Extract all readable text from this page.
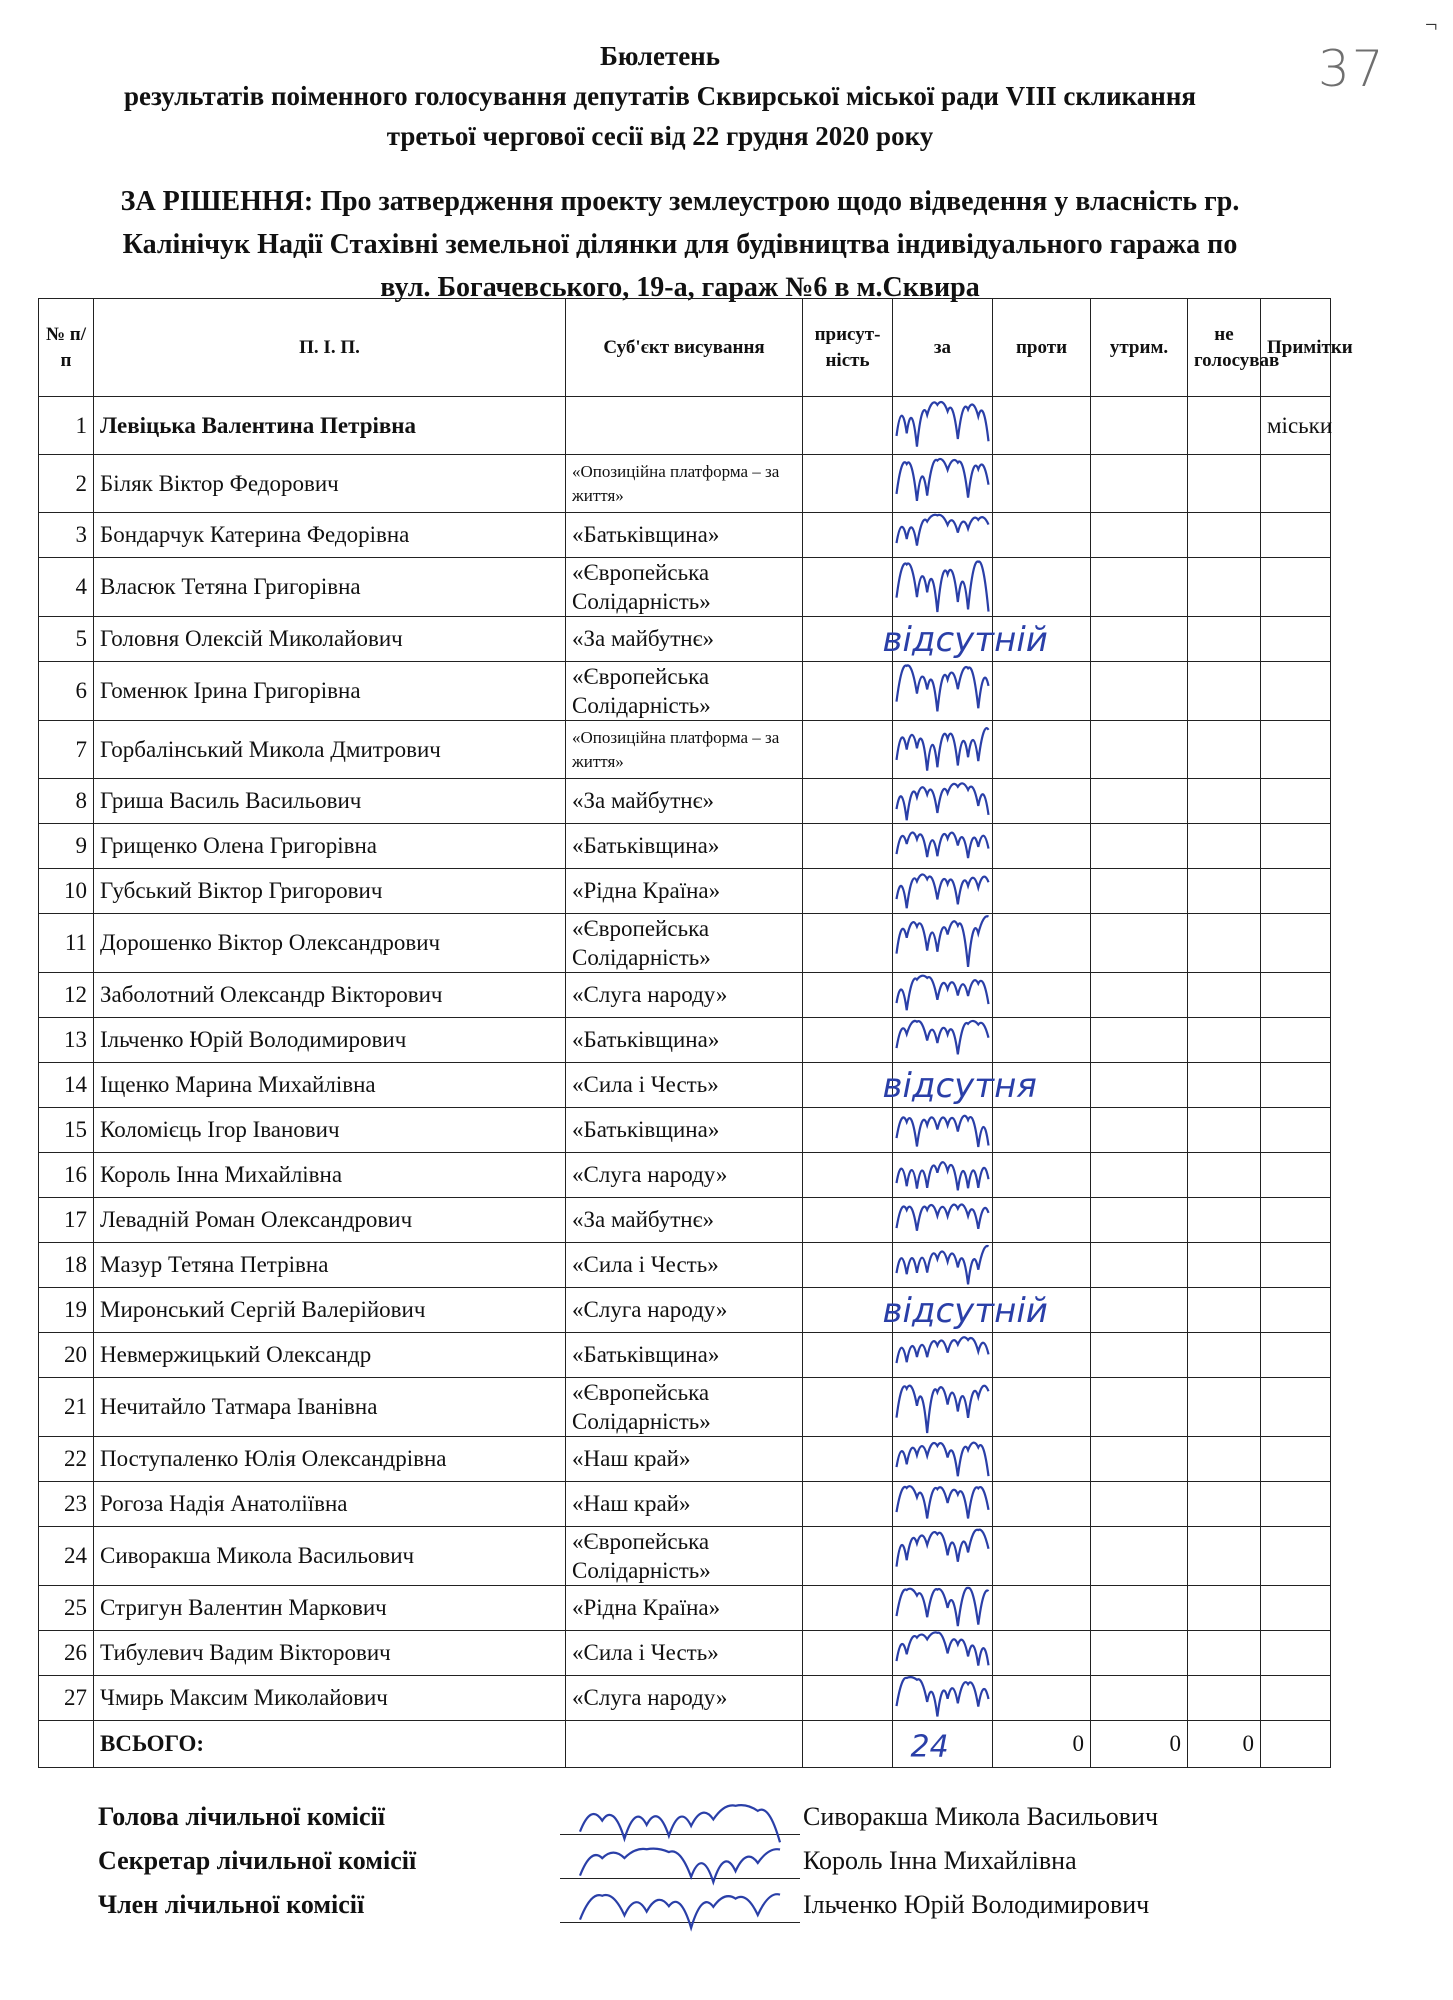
¬
37
Бюлетень
результатів поіменного голосування депутатів Сквирської міської ради VIII скликання
третьої чергової сесії від 22 грудня 2020 року
ЗА РІШЕННЯ: Про затвердження проекту землеустрою щодо відведення у власність гр.
Калінічук Надії Стахівні земельної ділянки для будівництва індивідуального гаража по
вул. Богачевського, 19-а, гараж №6 в м.Сквира
№ п/п	П. І. П.	Суб'єкт висування	присут-ність	за	проти	утрим.	не голосував	Примітки
1	Левіцька Валентина Петрівна							міськи
2	Біляк Віктор Федорович	«Опозиційна платформа – за життя»						
3	Бондарчук Катерина Федорівна	«Батьківщина»						
4	Власюк Тетяна Григорівна	«Європейська Солідарність»						
5	Головня Олексій Миколайович	«За майбутнє»						
6	Гоменюк Ірина Григорівна	«Європейська Солідарність»						
7	Горбалінський Микола Дмитрович	«Опозиційна платформа – за життя»						
8	Гриша Василь Васильович	«За майбутнє»						
9	Грищенко Олена Григорівна	«Батьківщина»						
10	Губський Віктор Григорович	«Рідна Країна»						
11	Дорошенко Віктор Олександрович	«Європейська Солідарність»						
12	Заболотний Олександр Вікторович	«Слуга народу»						
13	Ільченко Юрій Володимирович	«Батьківщина»						
14	Іщенко Марина Михайлівна	«Сила і Честь»						
15	Коломієць Ігор Іванович	«Батьківщина»						
16	Король Інна Михайлівна	«Слуга народу»						
17	Левадній Роман Олександрович	«За майбутнє»						
18	Мазур Тетяна Петрівна	«Сила і Честь»						
19	Миронський Сергій Валерійович	«Слуга народу»						
20	Невмержицький Олександр	«Батьківщина»						
21	Нечитайло Татмара Іванівна	«Європейська Солідарність»						
22	Поступаленко Юлія Олександрівна	«Наш край»						
23	Рогоза Надія Анатоліївна	«Наш край»						
24	Сиворакша Микола Васильович	«Європейська Солідарність»						
25	Стригун Валентин Маркович	«Рідна Країна»						
26	Тибулевич Вадим Вікторович	«Сила і Честь»						
27	Чмирь Максим Миколайович	«Слуга народу»						
	ВСЬОГО:				0	0	0	
Голова лічильної комісії	Сиворакша Микола Васильович
Секретар лічильної комісії	Король Інна Михайлівна
Член лічильної комісії	Ільченко Юрій Володимирович
відсутній
відсутня
відсутній
24
